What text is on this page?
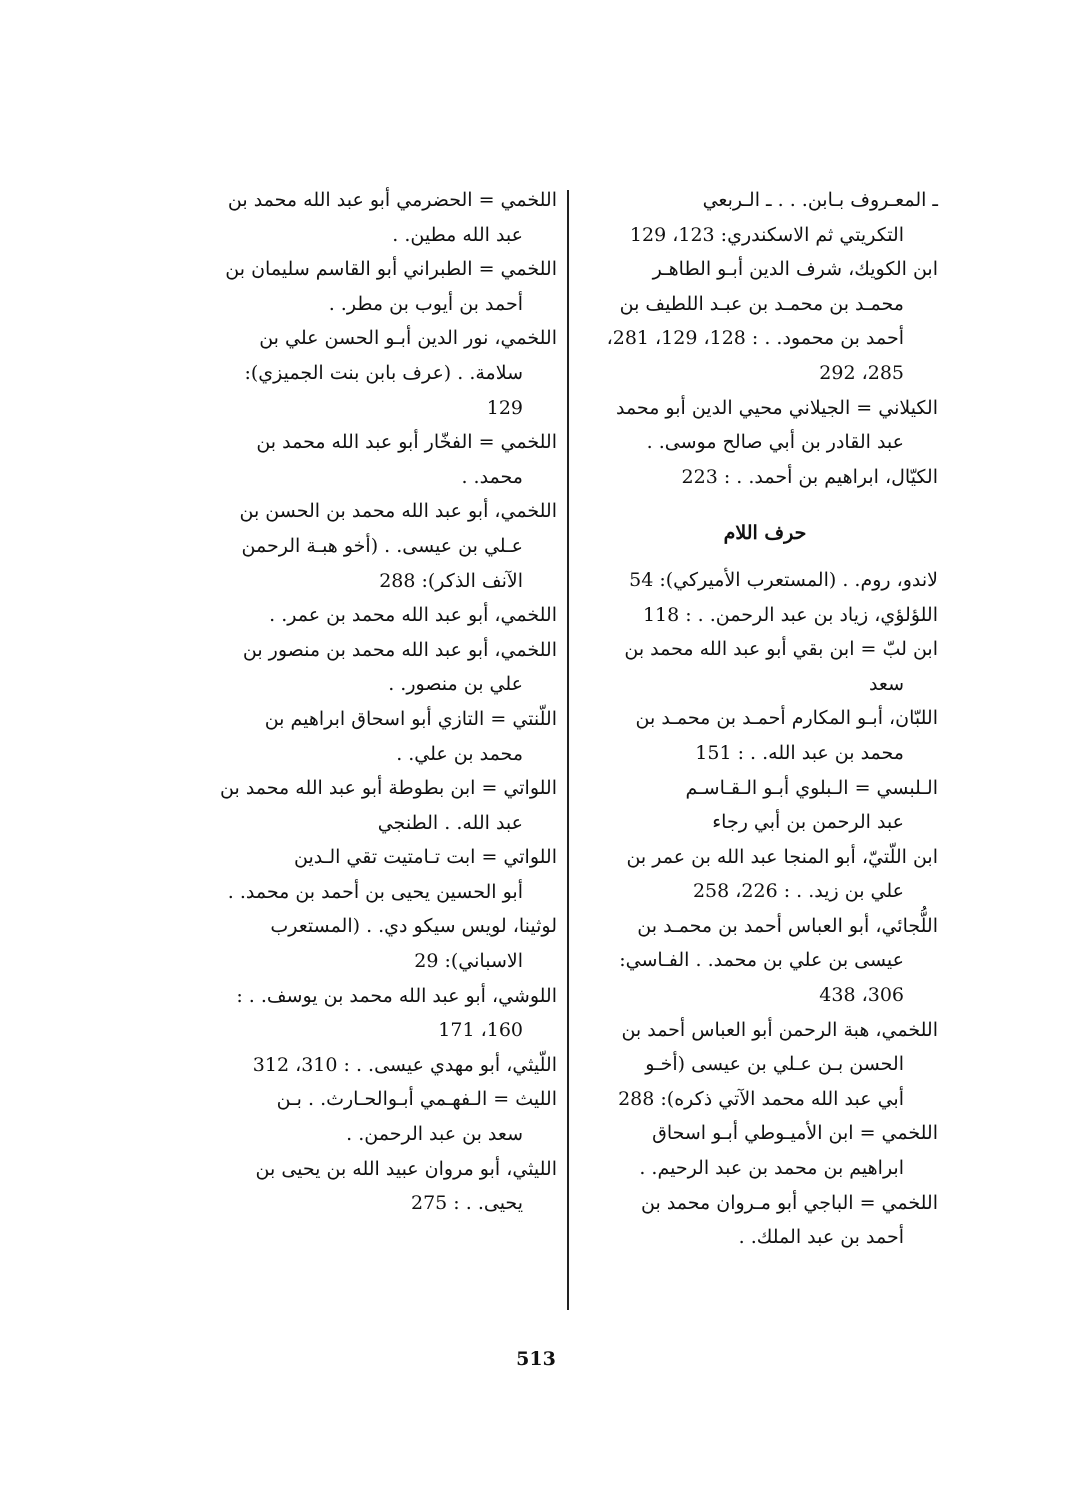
ـ المعـروف بـابن. . . ـ الـربعي
التكريتي ثم الاسكندري: 123، 129
ابن الكويك، شرف الدين أبـو الطاهـر
محمـد بن محمـد بن عبـد اللطيف بن
أحمد بن محمود. . : 128، 129، 281،
285، 292
الكيلاني = الجيلاني محيي الدين أبو محمد
عبد القادر بن أبي صالح موسى. .
الكيّال، ابراهيم بن أحمد. . : 223
حرف اللام
لاندو، روم. . (المستعرب الأميركي): 54
اللؤلؤي، زياد بن عبد الرحمن. . : 118
ابن لبّ = ابن بقي أبو عبد الله محمد بن
سعد
اللبّان، أبـو المكارم أحمـد بن محمـد بن
محمد بن عبد الله. . : 151
الـلبسي = الـبلوي أبـو الـقـاسـم
عبد الرحمن بن أبي رجاء
ابن اللّتيّ، أبو المنجا عبد الله بن عمر بن
علي بن زيد. . : 226، 258
اللُّجائي، أبو العباس أحمد بن محمـد بن
عيسى بن علي بن محمد. . الفـاسي:
306، 438
اللخمي، هبة الرحمن أبو العباس أحمد بن
الحسن بـن عـلي بن عيسى (أخـو
أبي عبد الله محمد الآتي ذكره): 288
اللخمي = ابن الأميـوطي أبـو اسحاق
ابراهيم بن محمد بن عبد الرحيم. .
اللخمي = الباجي أبو مـروان محمد بن
أحمد بن عبد الملك. .
اللخمي = الحضرمي أبو عبد الله محمد بن
عبد الله مطين. .
اللخمي = الطبراني أبو القاسم سليمان بن
أحمد بن أيوب بن مطر. .
اللخمي، نور الدين أبـو الحسن علي بن
سلامة. . (عرف بابن بنت الجميزي):
129
اللخمي = الفخّار أبو عبد الله محمد بن
محمد. .
اللخمي، أبو عبد الله محمد بن الحسن بن
عـلي بن عيسى. . (أخو هبـة الرحمن
الآنف الذكر): 288
اللخمي، أبو عبد الله محمد بن عمر. .
اللخمي، أبو عبد الله محمد بن منصور بن
علي بن منصور. .
اللّنتي = التازي أبو اسحاق ابراهيم بن
محمد بن علي. .
اللواتي = ابن بطوطة أبو عبد الله محمد بن
عبد الله. . الطنجي
اللواتي = ابت تـامتيت تقي الـدين
أبو الحسين يحيى بن أحمد بن محمد. .
لوثينا، لويس سيكو دي. . (المستعرب
الاسباني): 29
اللوشي، أبو عبد الله محمد بن يوسف. . :
160، 171
اللّيثي، أبو مهدي عيسى. . : 310، 312
الليث = الـفهـمي أبـوالحـارث. . بـن
سعد بن عبد الرحمن. .
الليثي، أبو مروان عبيد الله بن يحيى بن
يحيى. . : 275
513
